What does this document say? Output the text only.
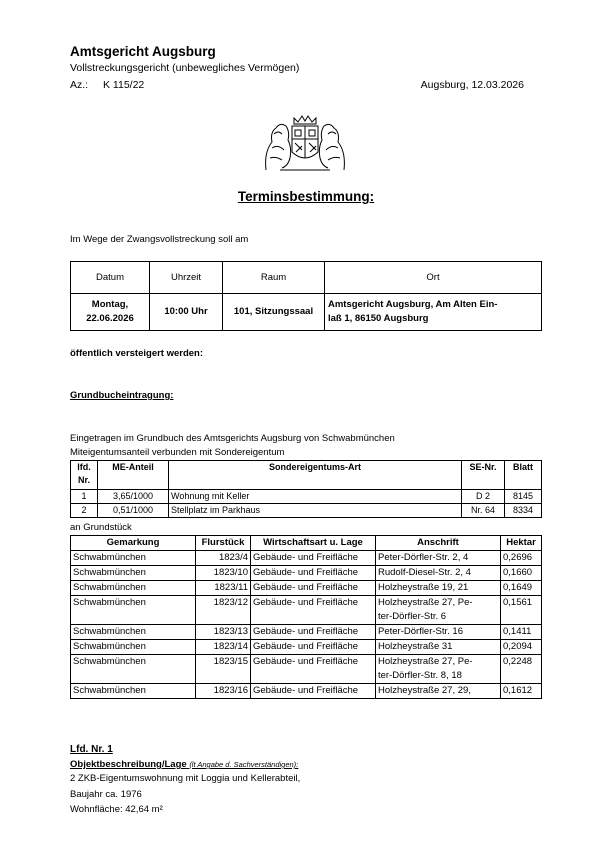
Amtsgericht Augsburg
Vollstreckungsgericht (unbewegliches Vermögen)
Az.: K 115/22	Augsburg, 12.03.2026
Terminsbestimmung:
Im Wege der Zwangsvollstreckung soll am
Datum	Uhrzeit	Raum	Ort
Montag,
22.06.2026	10:00 Uhr	101, Sitzungssaal	Amtsgericht Augsburg, Am Alten Ein-
laß 1, 86150 Augsburg
öffentlich versteigert werden:
Grundbucheintragung:
Eingetragen im Grundbuch des Amtsgerichts Augsburg von Schwabmünchen
Miteigentumsanteil verbunden mit Sondereigentum
lfd.
Nr.	ME-Anteil	Sondereigentums-Art	SE-Nr.	Blatt
1	3,65/1000	Wohnung mit Keller	D 2	8145
2	0,51/1000	Stellplatz im Parkhaus	Nr. 64	8334
an Grundstück
Gemarkung	Flurstück	Wirtschaftsart u. Lage	Anschrift	Hektar
Schwabmünchen	1823/4	Gebäude- und Freifläche	Peter-Dörfler-Str. 2, 4	0,2696
Schwabmünchen	1823/10	Gebäude- und Freifläche	Rudolf-Diesel-Str. 2, 4	0,1660
Schwabmünchen	1823/11	Gebäude- und Freifläche	Holzheystraße 19, 21	0,1649
Schwabmünchen	1823/12	Gebäude- und Freifläche	Holzheystraße 27, Pe-
ter-Dörfler-Str. 6	0,1561
Schwabmünchen	1823/13	Gebäude- und Freifläche	Peter-Dörfler-Str. 16	0,1411
Schwabmünchen	1823/14	Gebäude- und Freifläche	Holzheystraße 31	0,2094
Schwabmünchen	1823/15	Gebäude- und Freifläche	Holzheystraße 27, Pe-
ter-Dörfler-Str. 8, 18	0,2248
Schwabmünchen	1823/16	Gebäude- und Freifläche	Holzheystraße 27, 29,	0,1612
Lfd. Nr. 1
Objektbeschreibung/Lage (lt Angabe d. Sachverständigen):
2 ZKB-Eigentumswohnung mit Loggia und Kellerabteil,
Baujahr ca. 1976
Wohnfläche: 42,64 m²
